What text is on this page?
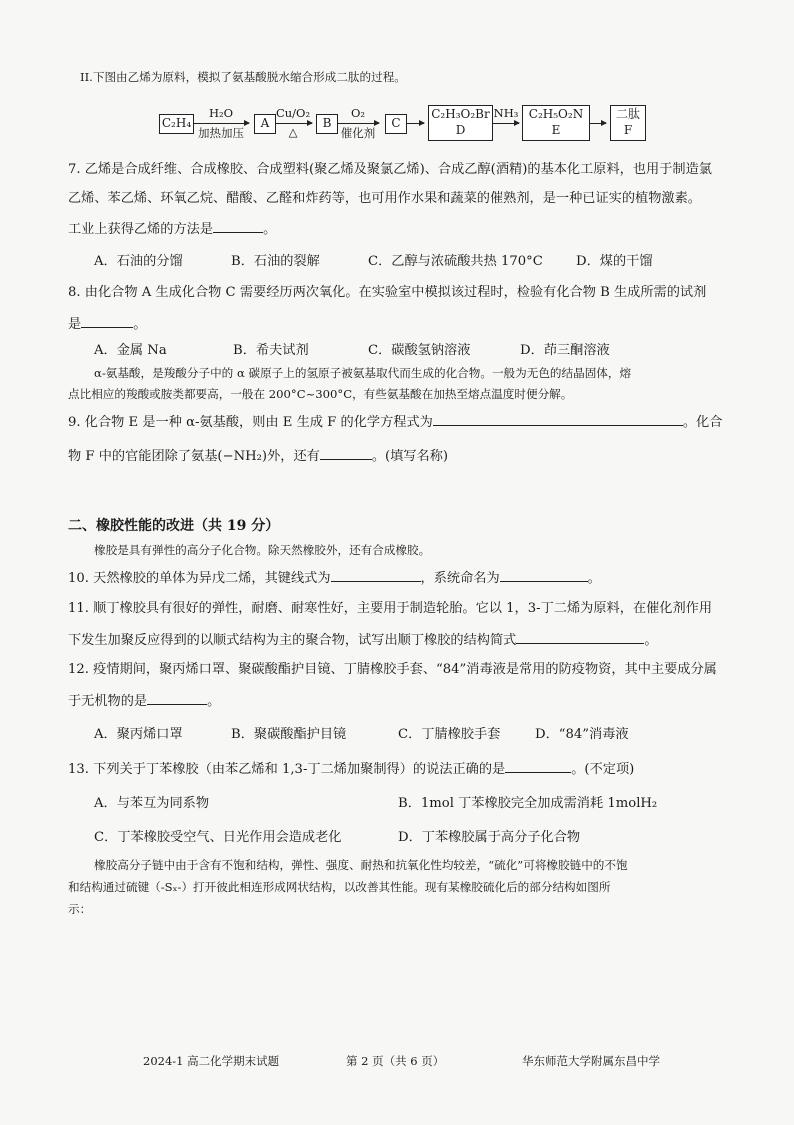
II.下图由乙烯为原料，模拟了氨基酸脱水缩合形成二肽的过程。
C₂H₄
H₂O
加热加压
A
Cu/O₂
△
B
O₂
催化剂
C
C₂H₃O₂Br
D
NH₃ C₂H₅O₂N
E
二肽
F
7. 乙烯是合成纤维、合成橡胶、合成塑料(聚乙烯及聚氯乙烯)、合成乙醇(酒精)的基本化工原料，也用于制造氯
乙烯、苯乙烯、环氧乙烷、醋酸、乙醛和炸药等，也可用作水果和蔬菜的催熟剂，是一种已证实的植物激素。
工业上获得乙烯的方法是	。
A．石油的分馏	B．石油的裂解	C．乙醇与浓硫酸共热 170°C	D．煤的干馏
8. 由化合物 A 生成化合物 C 需要经历两次氧化。在实验室中模拟该过程时，检验有化合物 B 生成所需的试剂
是	。
A．金属 Na	B．希夫试剂	C．碳酸氢钠溶液	D．茚三酮溶液
α-氨基酸，是羧酸分子中的 α 碳原子上的氢原子被氨基取代而生成的化合物。一般为无色的结晶固体，熔
点比相应的羧酸或胺类都要高，一般在 200°C~300°C，有些氨基酸在加热至熔点温度时便分解。
9. 化合物 E 是一种 α-氨基酸，则由 E 生成 F 的化学方程式为	。化合
物 F 中的官能团除了氨基(−NH₂)外，还有	。(填写名称)
二、橡胶性能的改进（共 19 分）
橡胶是具有弹性的高分子化合物。除天然橡胶外，还有合成橡胶。
10. 天然橡胶的单体为异戊二烯，其键线式为	，系统命名为	。
11. 顺丁橡胶具有很好的弹性，耐磨、耐寒性好，主要用于制造轮胎。它以 1，3-丁二烯为原料，在催化剂作用
下发生加聚反应得到的以顺式结构为主的聚合物，试写出顺丁橡胶的结构简式	。
12. 疫情期间，聚丙烯口罩、聚碳酸酯护目镜、丁腈橡胶手套、“84”消毒液是常用的防疫物资，其中主要成分属
于无机物的是	。
A．聚丙烯口罩	B．聚碳酸酯护目镜	C．丁腈橡胶手套	D．“84”消毒液
13. 下列关于丁苯橡胶（由苯乙烯和 1,3-丁二烯加聚制得）的说法正确的是	。(不定项)
A．与苯互为同系物	B．1mol 丁苯橡胶完全加成需消耗 1molH₂
C．丁苯橡胶受空气、日光作用会造成老化	D．丁苯橡胶属于高分子化合物
橡胶高分子链中由于含有不饱和结构，弹性、强度、耐热和抗氧化性均较差，“硫化”可将橡胶链中的不饱
和结构通过硫键（-Sₓ-）打开彼此相连形成网状结构，以改善其性能。现有某橡胶硫化后的部分结构如图所
示：
2024-1 高二化学期末试题	第 2 页（共 6 页）	华东师范大学附属东昌中学
